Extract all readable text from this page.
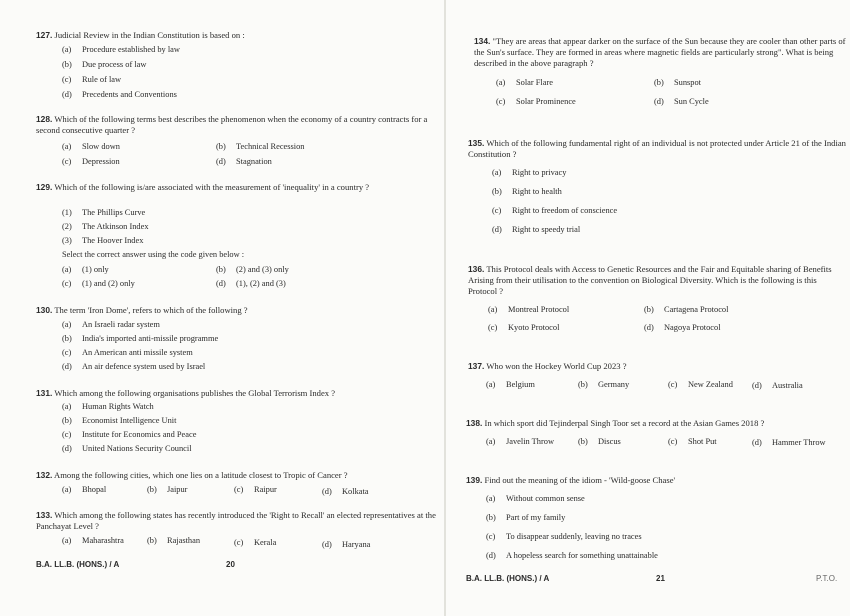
127. Judicial Review in the Indian Constitution is based on :

(a) Procedure established by law
(b) Due process of law
(c) Rule of law
(d) Precedents and Conventions

128. Which of the following terms best describes the phenomenon when the economy of a country contracts for a second consecutive quarter ?

(a) Slow down	(b) Technical Recession
(c) Depression	(d) Stagnation

129. Which of the following is/are associated with the measurement of 'inequality' in a country ?

(1) The Phillips Curve
(2) The Atkinson Index
(3) The Hoover Index
Select the correct answer using the code given below :
(a) (1) only	(b) (2) and (3) only
(c) (1) and (2) only	(d) (1), (2) and (3)

130. The term 'Iron Dome', refers to which of the following ?

(a) An Israeli radar system
(b) India's imported anti-missile programme
(c) An American anti missile system
(d) An air defence system used by Israel

131. Which among the following organisations publishes the Global Terrorism Index ?

(a) Human Rights Watch
(b) Economist Intelligence Unit
(c) Institute for Economics and Peace
(d) United Nations Security Council

132. Among the following cities, which one lies on a latitude closest to Tropic of Cancer ?

(a) Bhopal	(b) Jaipur	(c) Raipur	(d) Kolkata

133. Which among the following states has recently introduced the 'Right to Recall' an elected representatives at the Panchayat Level ?

(a) Maharashtra	(b) Rajasthan	(c) Kerala	(d) Haryana
B.A. LL.B. (HONS.) / A	20

134. "They are areas that appear darker on the surface of the Sun because they are cooler than other parts of the Sun's surface. They are formed in areas where magnetic fields are particularly strong". What is being described in the above paragraph ?

(a) Solar Flare	(b) Sunspot
(c) Solar Prominence	(d) Sun Cycle

135. Which of the following fundamental right of an individual is not protected under Article 21 of the Indian Constitution ?

(a) Right to privacy
(b) Right to health
(c) Right to freedom of conscience
(d) Right to speedy trial

136. This Protocol deals with Access to Genetic Resources and the Fair and Equitable sharing of Benefits Arising from their utilisation to the convention on Biological Diversity. Which is the following is this Protocol ?

(a) Montreal Protocol	(b) Cartagena Protocol
(c) Kyoto Protocol	(d) Nagoya Protocol

137. Who won the Hockey World Cup 2023 ?

(a) Belgium	(b) Germany	(c) New Zealand (d) Australia

138. In which sport did Tejinderpal Singh Toor set a record at the Asian Games 2018 ?

(a) Javelin Throw	(b) Discus	(c) Shot Put	(d) Hammer Throw

139. Find out the meaning of the idiom - 'Wild-goose Chase'

(a) Without common sense
(b) Part of my family
(c) To disappear suddenly, leaving no traces
(d) A hopeless search for something unattainable
B.A. LL.B. (HONS.) / A	21	P.T.O.
